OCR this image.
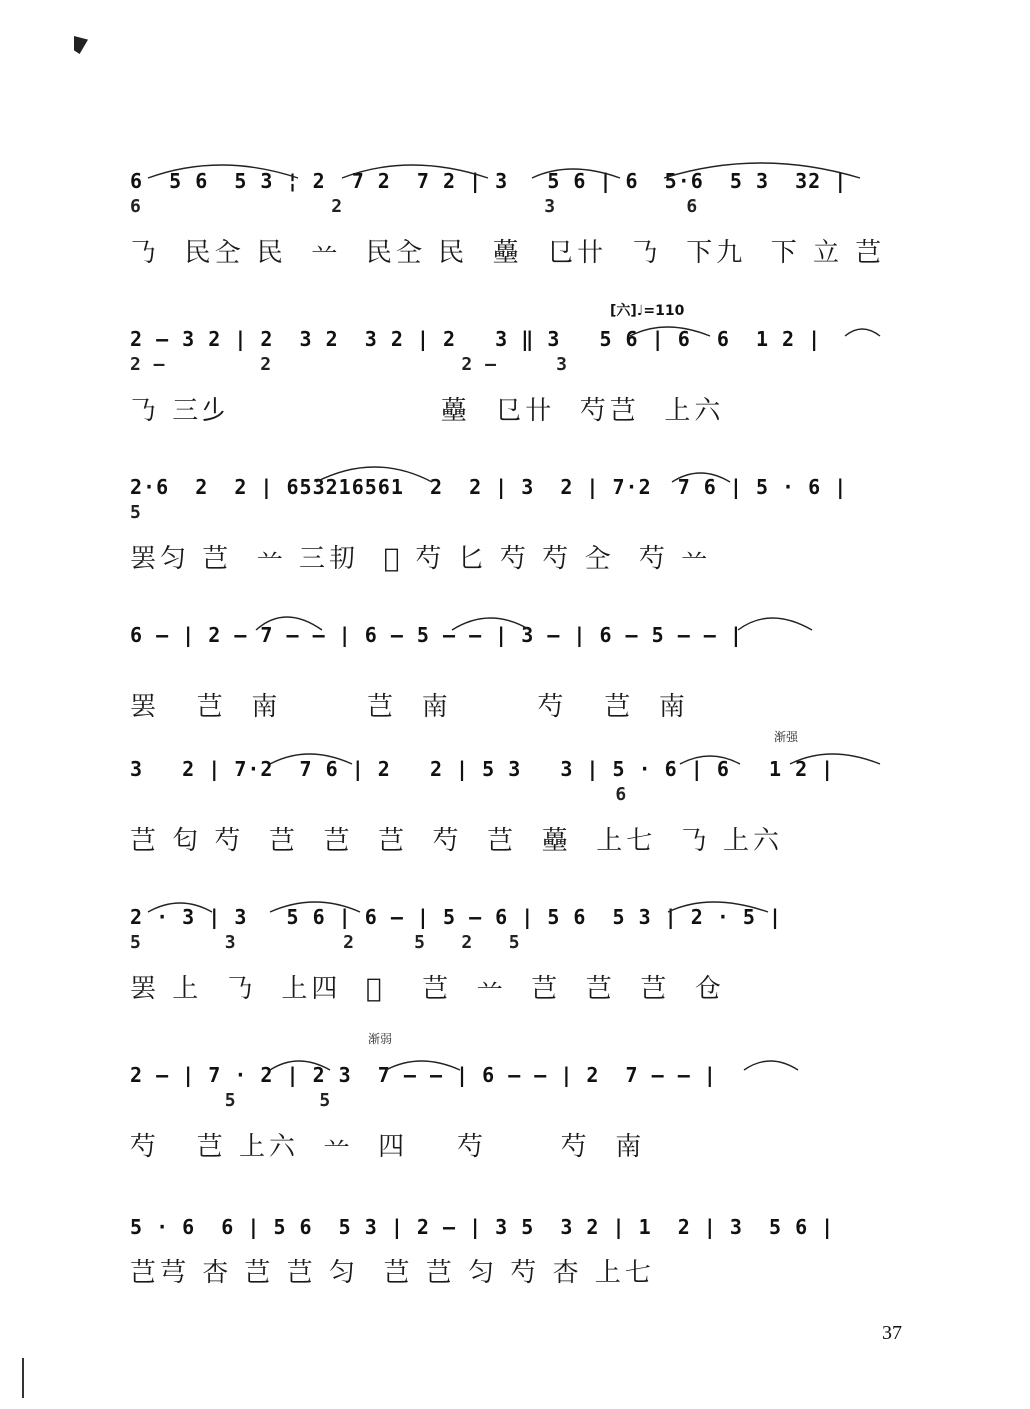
6  5 6  5 3 ¦ 2  7 2  7 2 | 3   5 6 | 6  5·6  5 3  32 |
6                2                 3           6
𠄎  民㒰 民  䒑  民㒰 民  蘲  㔾卄  𠄎  下九  下 立 芑
[六]♩=110
2 – 3 2 | 2  3 2  3 2 | 2   3 ‖ 3   5 6 | 6  6  1 2 |
2 –        2                2 –     3
𠄎 三𣥂                 蘲  㔾卄  芍芑  上六
2·6  2  2 | 653216561  2  2 | 3  2 | 7·2  7 6 | 5 · 6 |
5
罢匀 芑  䒑 三㓞  𠃧 芍 匕 芍 芍 㒰  芍 䒑
6 – | 2 – 7 – – | 6 – 5 – – | 3 – | 6 – 5 – – |
罢   芑  南       芑  南       芍   芑  南
渐强
3   2 | 7·2  7 6 | 2   2 | 5 3   3 | 5 · 6 | 6   1 2 |
6
芑 匂 芍  芑  芑  芑  芍  芑  蘲  上七  𠄎 上六
2 · 3 | 3   5 6 | 6 – | 5 – 6 | 5 6  5 3 | 2 · 5 |
5       3         2     5   2   5
罢 上  𠄎  上四  𠃧   芑  䒑  芑  芑  芑  仓
渐弱
2 – | 7 · 2 | 2 3  7 – – | 6 – – | 2  7 – – |
5       5
芍   芑 上六  䒑  四    芍      芍  南
5 · 6  6 | 5 6  5 3 | 2 – | 3 5  3 2 | 1  2 | 3  5 6 |
芑芎 杏 芑 芑 匀  芑 芑 匀 芍 杏 上七
37
